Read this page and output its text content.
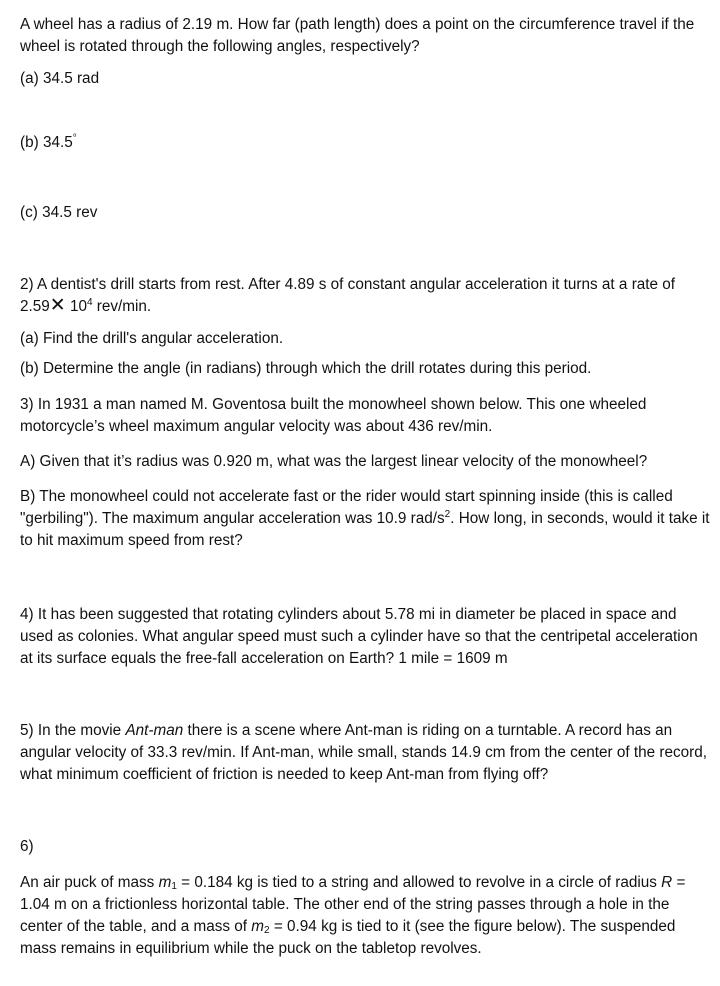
A wheel has a radius of 2.19 m. How far (path length) does a point on the circumference travel if the wheel is rotated through the following angles, respectively?

(a) 34.5 rad

(b) 34.5°

(c) 34.5 rev

2) A dentist's drill starts from rest. After 4.89 s of constant angular acceleration it turns at a rate of 2.59✕ $10^4$ rev/min.

(a) Find the drill's angular acceleration.

(b) Determine the angle (in radians) through which the drill rotates during this period.

3) In 1931 a man named M. Goventosa built the monowheel shown below. This one wheeled motorcycle’s wheel maximum angular velocity was about 436 rev/min.

A) Given that it’s radius was 0.920 m, what was the largest linear velocity of the monowheel?

B) The monowheel could not accelerate fast or the rider would start spinning inside (this is called "gerbiling"). The maximum angular acceleration was 10.9 rad/$s^2$. How long, in seconds, would it take it to hit maximum speed from rest?

4) It has been suggested that rotating cylinders about 5.78 mi in diameter be placed in space and used as colonies. What angular speed must such a cylinder have so that the centripetal acceleration at its surface equals the free-fall acceleration on Earth? 1 mile = 1609 m

5) In the movie Ant-man there is a scene where Ant-man is riding on a turntable. A record has an angular velocity of 33.3 rev/min. If Ant-man, while small, stands 14.9 cm from the center of the record, what minimum coefficient of friction is needed to keep Ant-man from flying off?

6)

An air puck of mass $m_1 = 0.184$ kg is tied to a string and allowed to revolve in a circle of radius R = 1.04 m on a frictionless horizontal table. The other end of the string passes through a hole in the center of the table, and a mass of $m_2 = 0.94$ kg is tied to it (see the figure below). The suspended mass remains in equilibrium while the puck on the tabletop revolves.
